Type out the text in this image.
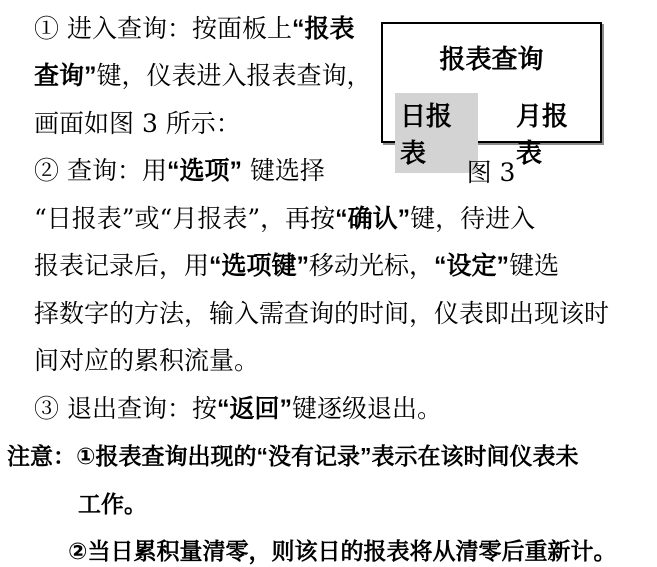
① 进入查询：按面板上“报表
查询”键，仪表进入报表查询，
画面如图 3 所示：
② 查询：用“选项” 键选择
“日报表”或“月报表”，再按“确认”键，待进入
报表记录后，用“选项键”移动光标，“设定”键选
择数字的方法，输入需查询的时间，仪表即出现该时
间对应的累积流量。
③ 退出查询：按“返回”键逐级退出。
注意：①报表查询出现的“没有记录”表示在该时间仪表未
工作。
②当日累积量清零，则该日的报表将从清零后重新计。
报表查询
日报表
月报表
图 3
